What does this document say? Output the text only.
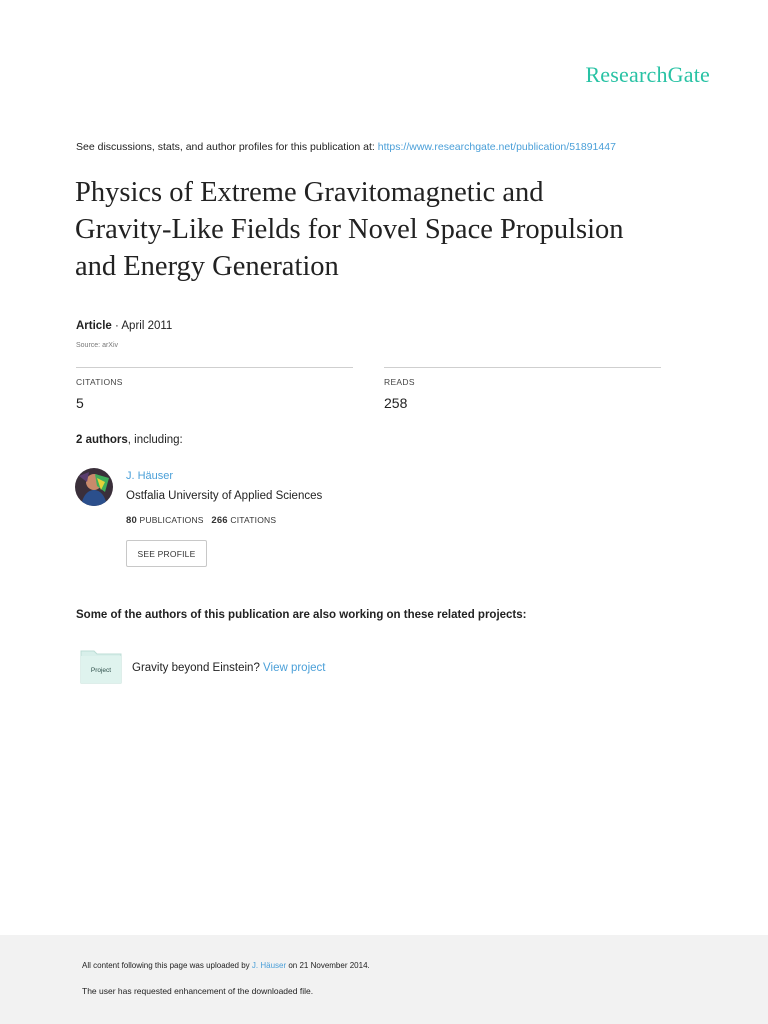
ResearchGate
See discussions, stats, and author profiles for this publication at: https://www.researchgate.net/publication/51891447
Physics of Extreme Gravitomagnetic and
Gravity-Like Fields for Novel Space Propulsion
and Energy Generation
Article · April 2011
Source: arXiv
CITATIONS
5
READS
258
2 authors, including:
J. Häuser
Ostfalia University of Applied Sciences
80 PUBLICATIONS 266 CITATIONS
SEE PROFILE
Some of the authors of this publication are also working on these related projects:
Project Gravity beyond Einstein? View project
All content following this page was uploaded by J. Häuser on 21 November 2014.
The user has requested enhancement of the downloaded file.
